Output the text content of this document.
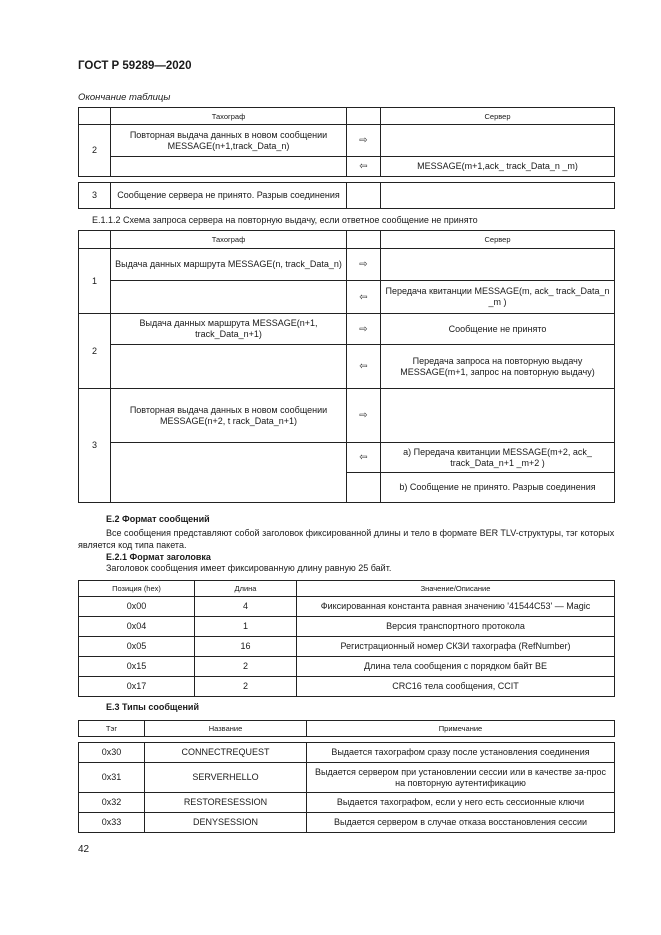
ГОСТ Р 59289—2020
Окончание таблицы
	Тахограф		Сервер
2	Повторная выдача данных в новом сообщении MESSAGE(n+1,track_Data_n)	⇨	
		⇦	MESSAGE(m+1,ack_ track_Data_n _m)

3	Сообщение сервера не принято. Разрыв соединения		
E.1.1.2 Схема запроса сервера на повторную выдачу, если ответное сообщение не принято
	Тахограф		Сервер
1	Выдача данных маршрута MESSAGE(n, track_Data_n)	⇨	
		⇦	Передача квитанции MESSAGE(m, ack_ track_Data_n _m )
2	Выдача данных маршрута MESSAGE(n+1, track_Data_n+1)	⇨	Сообщение не принято
		⇦	Передача запроса на повторную выдачу MESSAGE(m+1, запрос на повторную выдачу)
3	Повторная выдача данных в новом сообщении MESSAGE(n+2, t rack_Data_n+1)	⇨	
		⇦	а) Передача квитанции MESSAGE(m+2, ack_ track_Data_n+1 _m+2 )
			b) Сообщение не принято. Разрыв соединения
E.2 Формат сообщений
Все сообщения представляют собой заголовок фиксированной длины и тело в формате BER TLV-структуры, тэг которых является код типа пакета.
E.2.1 Формат заголовка
Заголовок сообщения имеет фиксированную длину равную 25 байт.
Позиция (hex)	Длина	Значение/Описание
0x00	4	Фиксированная константа равная значению '41544C53' — Magic
0x04	1	Версия транспортного протокола
0x05	16	Регистрационный номер СКЗИ тахографа (RefNumber)
0x15	2	Длина тела сообщения с порядком байт BE
0x17	2	CRC16 тела сообщения, CCIT
E.3 Типы сообщений
Тэг	Название	Примечание

0x30	CONNECTREQUEST	Выдается тахографом сразу после установления соединения
0x31	SERVERHELLO	Выдается сервером при установлении сессии или в качестве за-прос на повторную аутентификацию
0x32	RESTORESESSION	Выдается тахографом, если у него есть сессионные ключи
0x33	DENYSESSION	Выдается сервером в случае отказа восстановления сессии
42
